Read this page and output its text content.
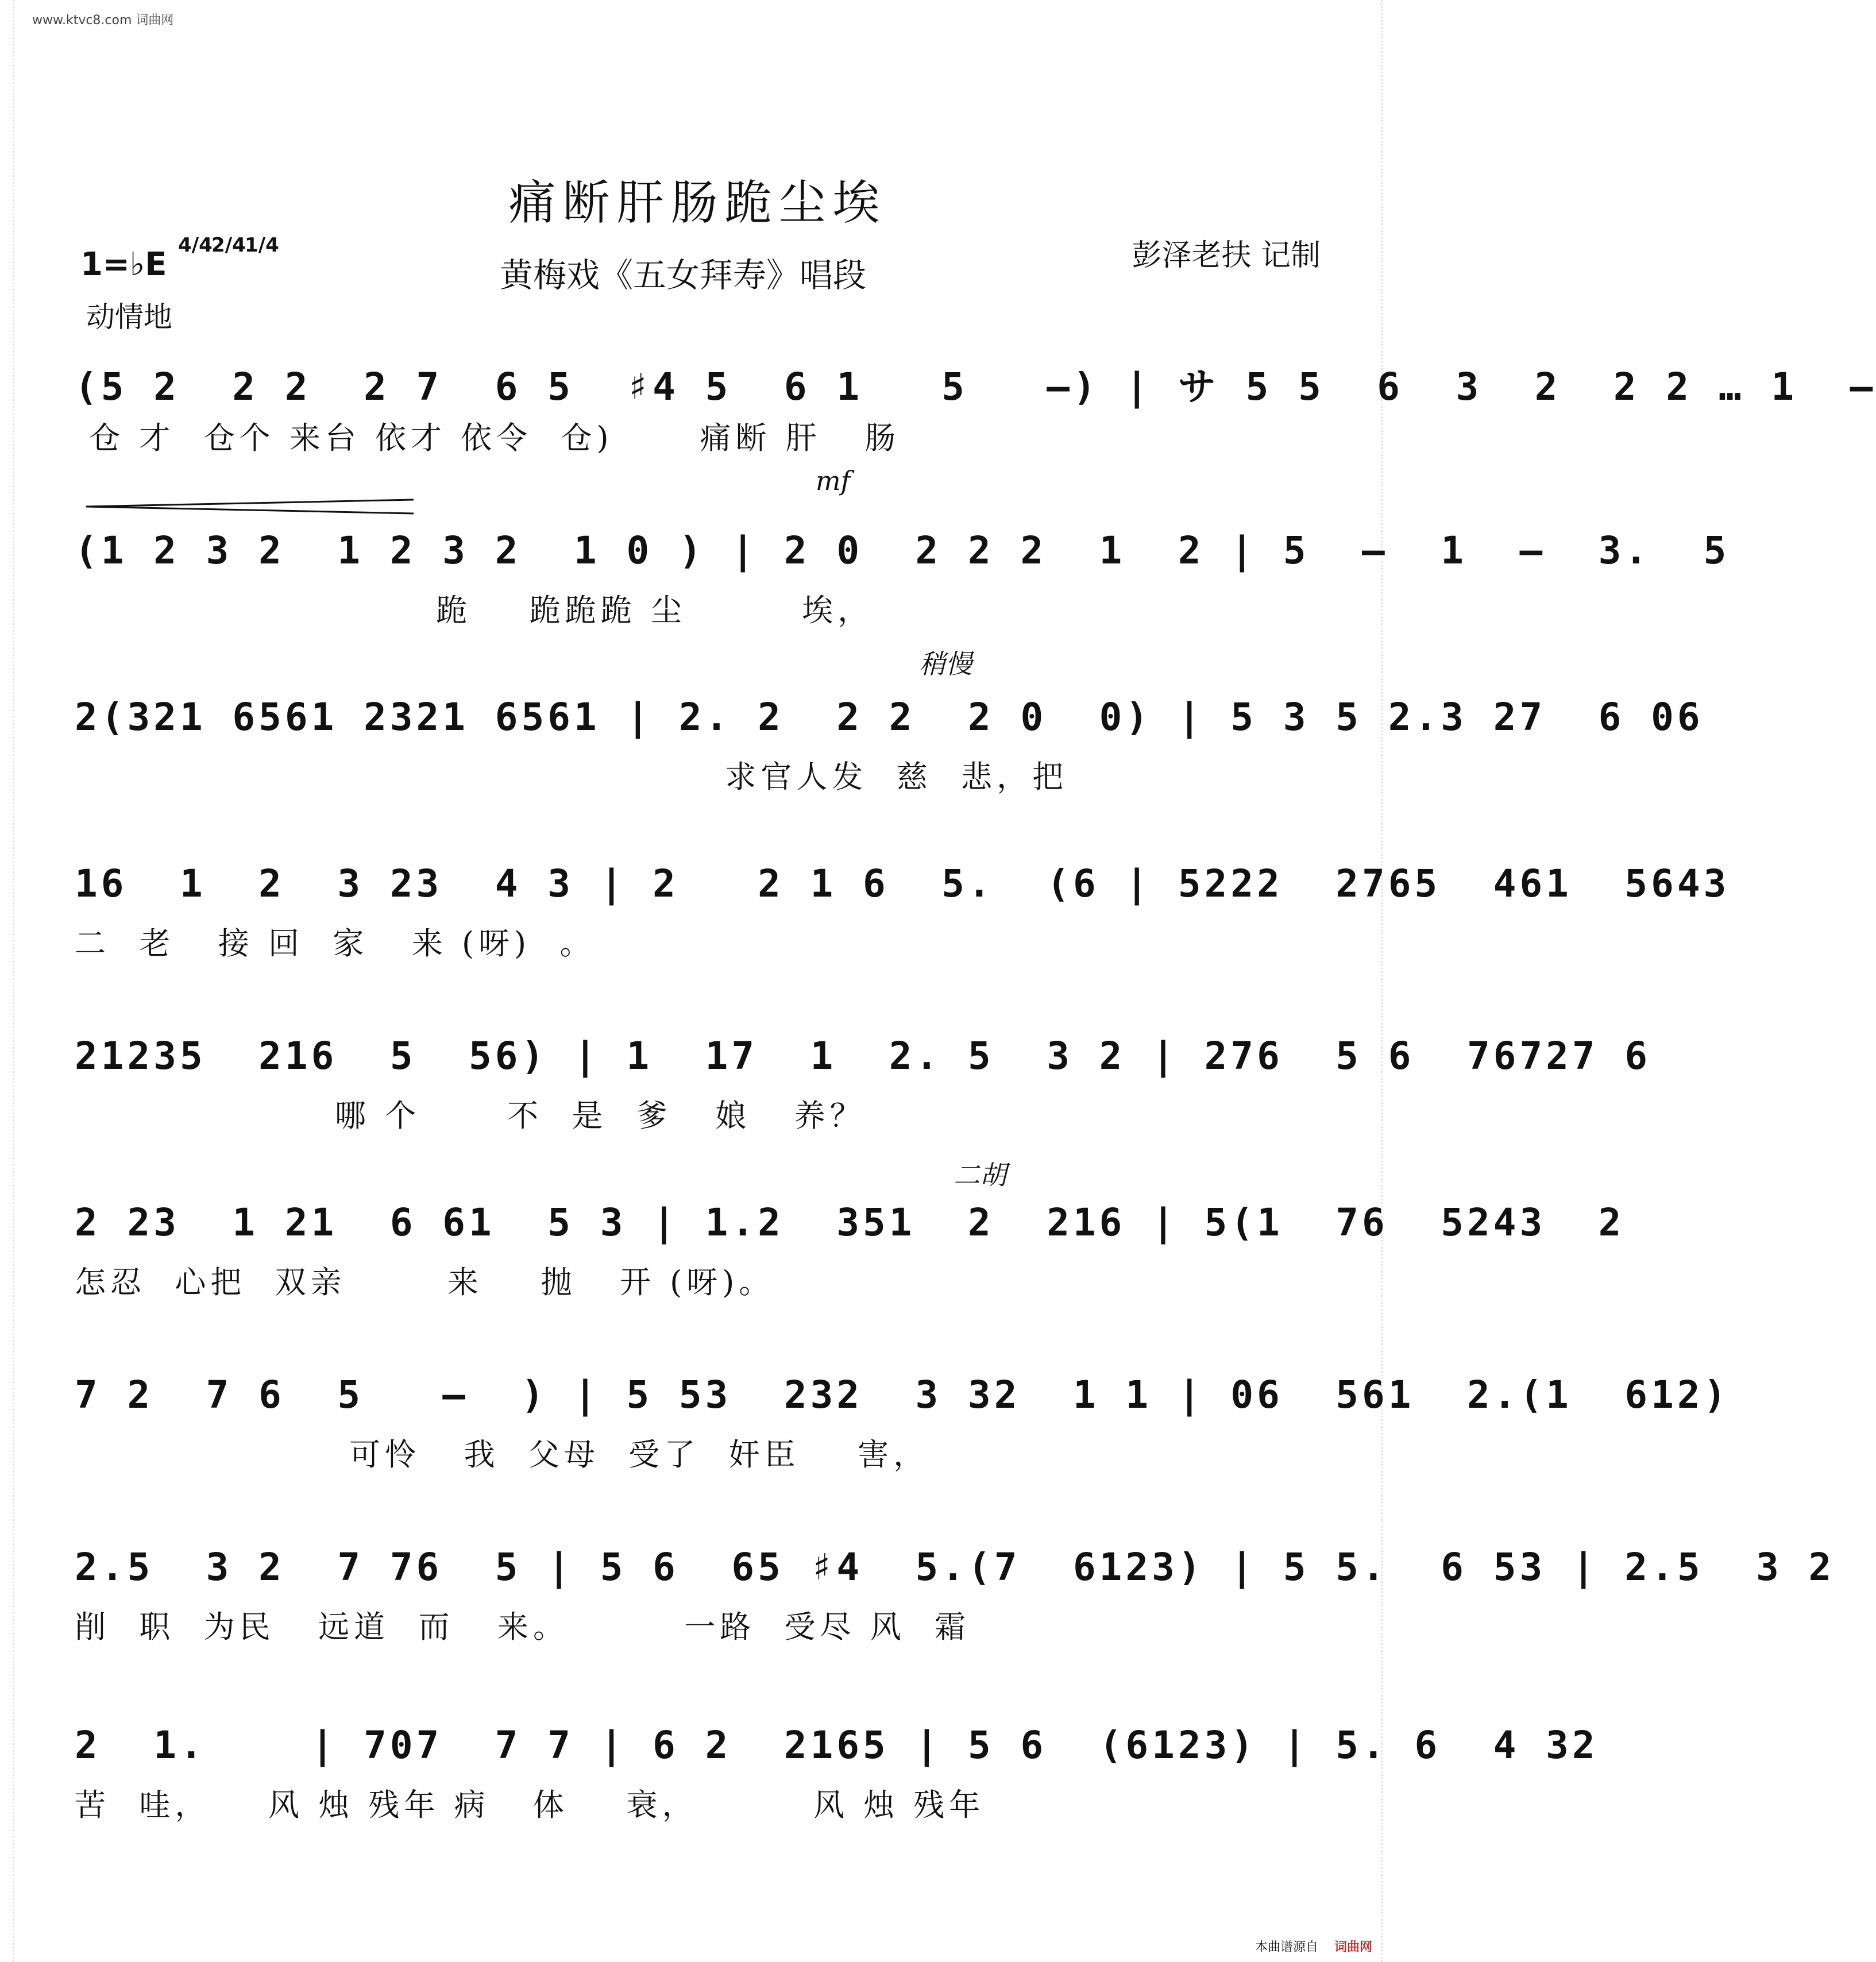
www.ktvc8.com 词曲网
痛断肝肠跪尘埃
黄梅戏《五女拜寿》唱段	彭泽老扶 记制
1=♭E
4/4
2/4
1/4
动情地
(5 2  2 2  2 7  6 5  ♯4 5  6 1   5   –) | サ 5 5  6  3  2  2 2 … 1  –
仓 才  仓个 来台 依才 依令  仓)      痛断 肝   肠
mf
(1 2 3 2  1 2 3 2  1 0 ) | 2 0  2 2 2  1  2 | 5  –  1  –  3.  5
跪    跪跪跪 尘        埃，
稍慢
2(321 6561 2321 6561 | 2. 2  2 2  2 0  0) | 5 3 5 2.3 27  6 06
求官人发  慈  悲，把
16  1  2  3 23  4 3 | 2   2 1 6  5.  (6 | 5222  2765  461  5643
二  老   接 回  家   来 (呀)  。
21235  216  5  56) | 1  17  1  2. 5  3 2 | 276  5 6  76727 6
哪 个      不  是  爹   娘   养？
二胡
2 23  1 21  6 61  5 3 | 1.2  351  2  216 | 5(1  76  5243  2
怎忍  心把  双亲       来    抛   开 (呀)。
7 2  7 6  5   –  ) | 5 53  232  3 32  1 1 | 06  561  2.(1  612)
可怜   我  父母  受了  奸臣    害，
2.5  3 2  7 76  5 | 5 6  65 ♯4  5.(7  6123) | 5 5.  6 53 | 2.5  3 2
削  职  为民   远道  而   来。        一路  受尽 风  霜
2  1.    | 707  7 7 | 6 2  2165 | 5 6  (6123) | 5. 6  4 32
苦  哇，    风 烛 残年 病   体    衰，        风 烛 残年
本曲谱源自 词曲网
